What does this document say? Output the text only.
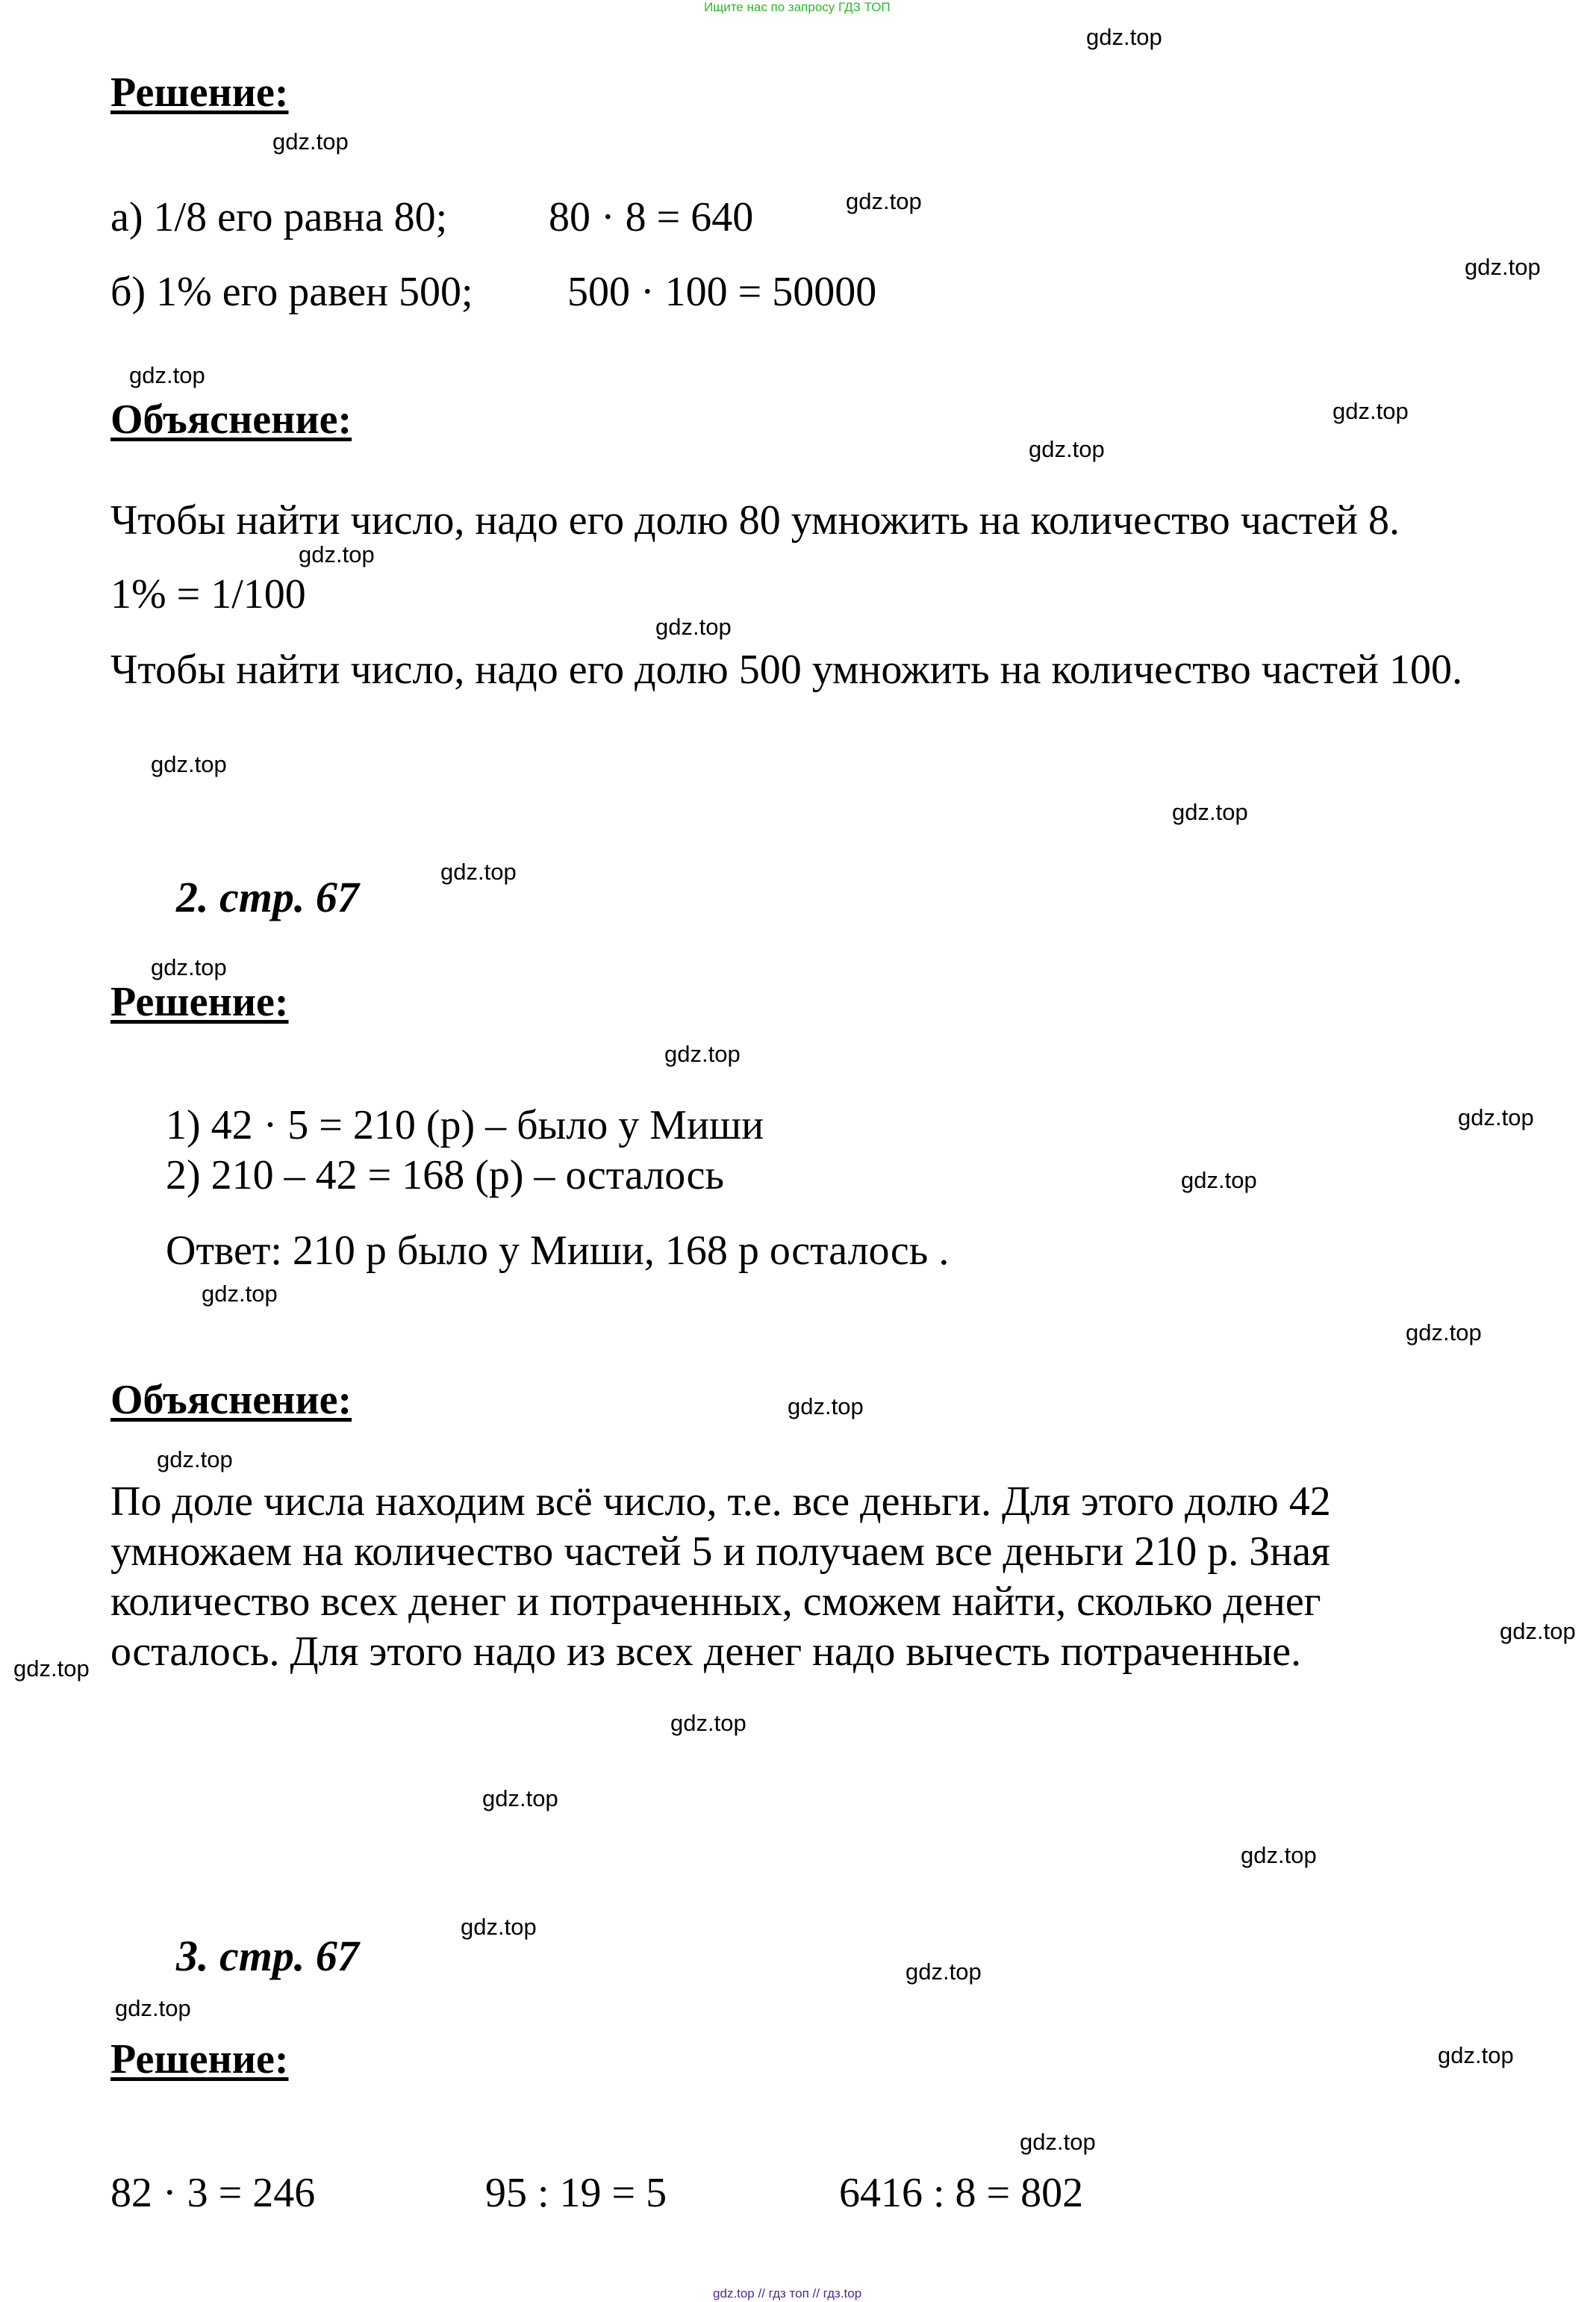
Ищите нас по запросу ГДЗ ТОП
Решение:
а) 1/8 его равна 80; 80 · 8 = 640
б) 1% его равен 500; 500 · 100 = 50000
Объяснение:
Чтобы найти число, надо его долю 80 умножить на количество частей 8.
1% = 1/100
Чтобы найти число, надо его долю 500 умножить на количество частей 100.
2. стр. 67
Решение:
1) 42 · 5 = 210 (р) – было у Миши
2) 210 – 42 = 168 (р) – осталось
Ответ: 210 р было у Миши, 168 р осталось .
Объяснение:
По доле числа находим всё число, т.е. все деньги. Для этого долю 42 умножаем на количество частей 5 и получаем все деньги 210 р. Зная количество всех денег и потраченных, сможем найти, сколько денег осталось. Для этого надо из всех денег надо вычесть потраченные.
3. стр. 67
Решение:
82 · 3 = 246	95 : 19 = 5	6416 : 8 = 802
gdz.top
gdz.top
gdz.top
gdz.top
gdz.top
gdz.top
gdz.top
gdz.top
gdz.top
gdz.top
gdz.top
gdz.top
gdz.top
gdz.top
gdz.top
gdz.top
gdz.top
gdz.top
gdz.top
gdz.top
gdz.top
gdz.top
gdz.top
gdz.top
gdz.top
gdz.top
gdz.top
gdz.top
gdz.top
gdz.top
gdz.top // гдз топ // гдз.top
